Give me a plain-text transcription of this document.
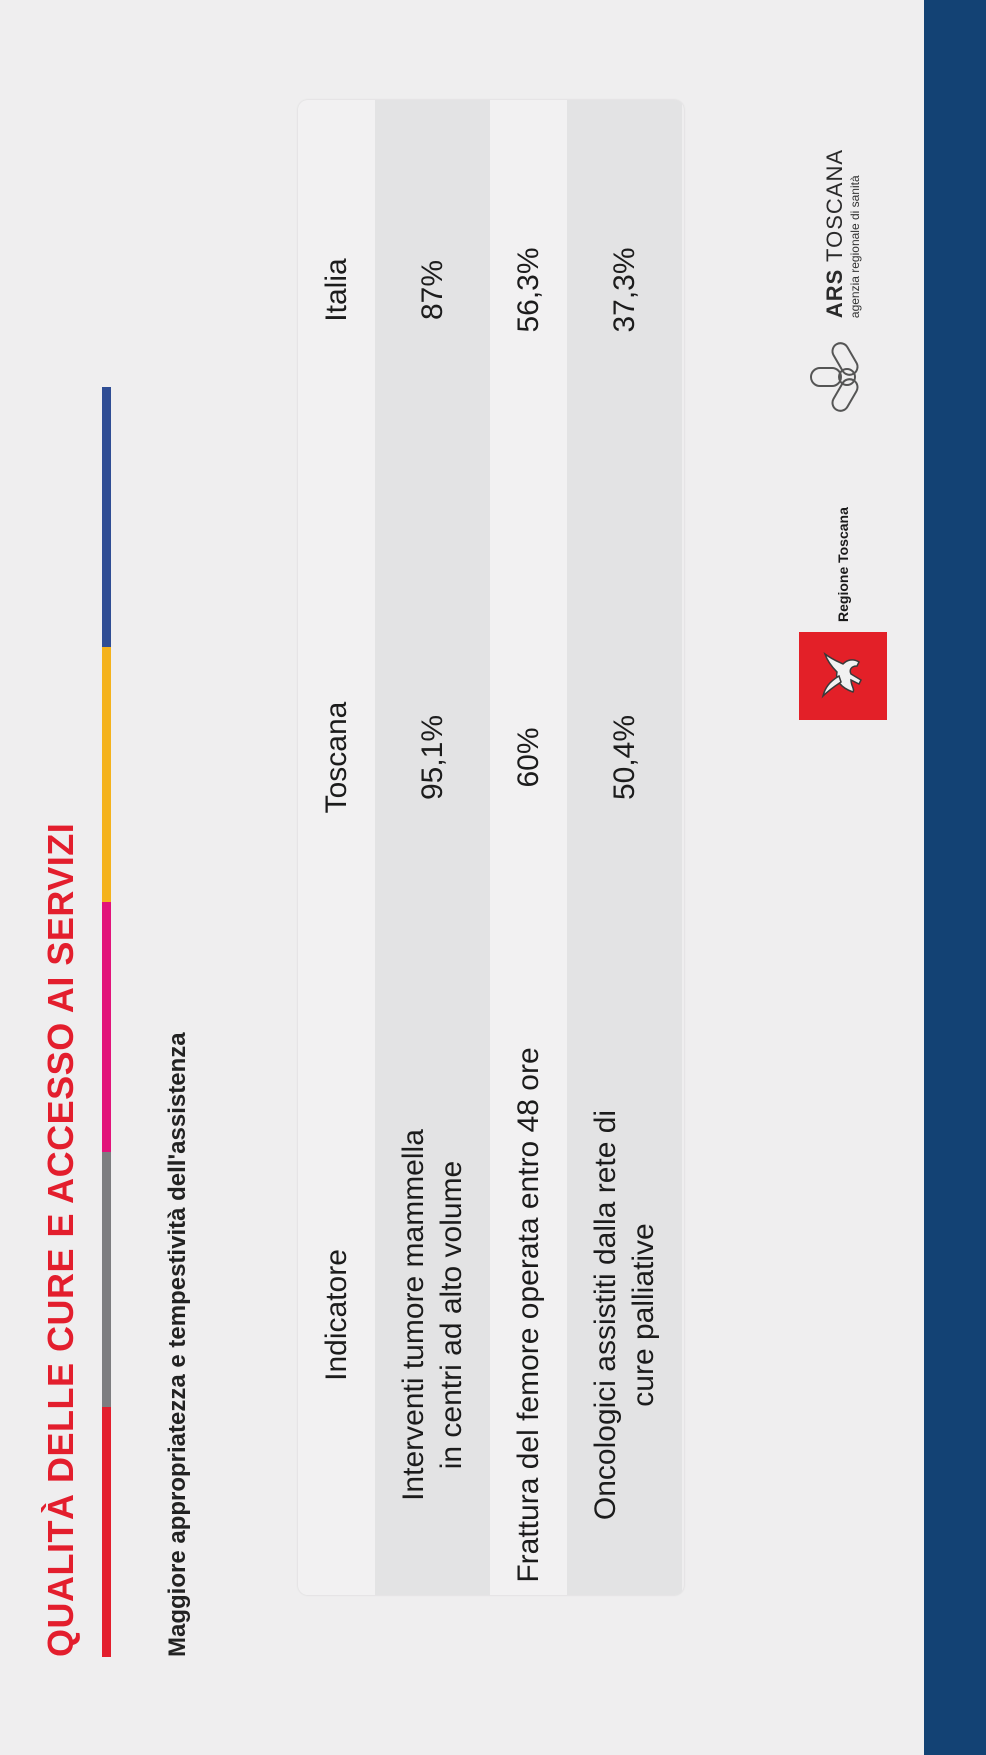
QUALITÀ DELLE CURE E ACCESSO AI SERVIZI	Maggiore appropriatezza e tempestività dell'assistenza	Indicatore
Toscana
Italia
Interventi tumore mammella in centri ad alto volume
95,1%
87%
Frattura del femore operata entro 48 ore
60%
56,3%
Oncologici assistiti dalla rete di cure palliative
50,4%
37,3%
Regione Toscana
ARS TOSCANA agenzia regionale di sanità
